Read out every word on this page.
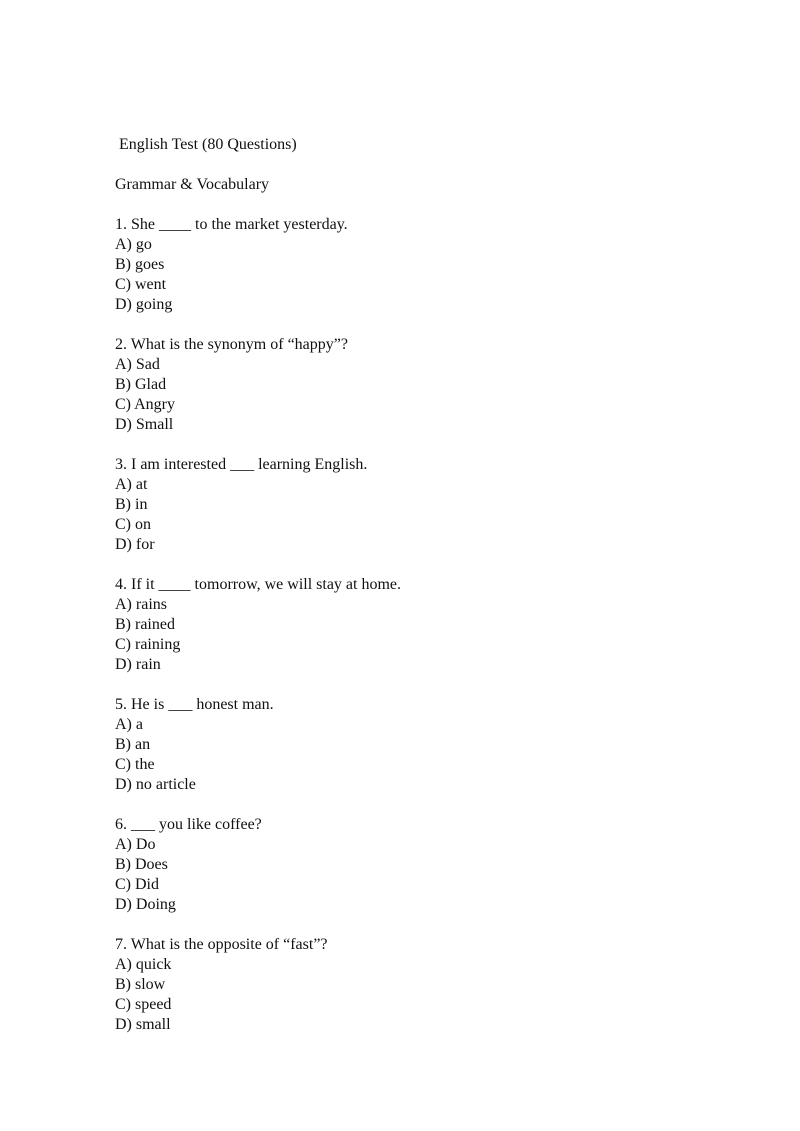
English Test (80 Questions)
Grammar & Vocabulary
1. She ____ to the market yesterday.
A) go
B) goes
C) went
D) going
2. What is the synonym of “happy”?
A) Sad
B) Glad
C) Angry
D) Small
3. I am interested ___ learning English.
A) at
B) in
C) on
D) for
4. If it ____ tomorrow, we will stay at home.
A) rains
B) rained
C) raining
D) rain
5. He is ___ honest man.
A) a
B) an
C) the
D) no article
6. ___ you like coffee?
A) Do
B) Does
C) Did
D) Doing
7. What is the opposite of “fast”?
A) quick
B) slow
C) speed
D) small
